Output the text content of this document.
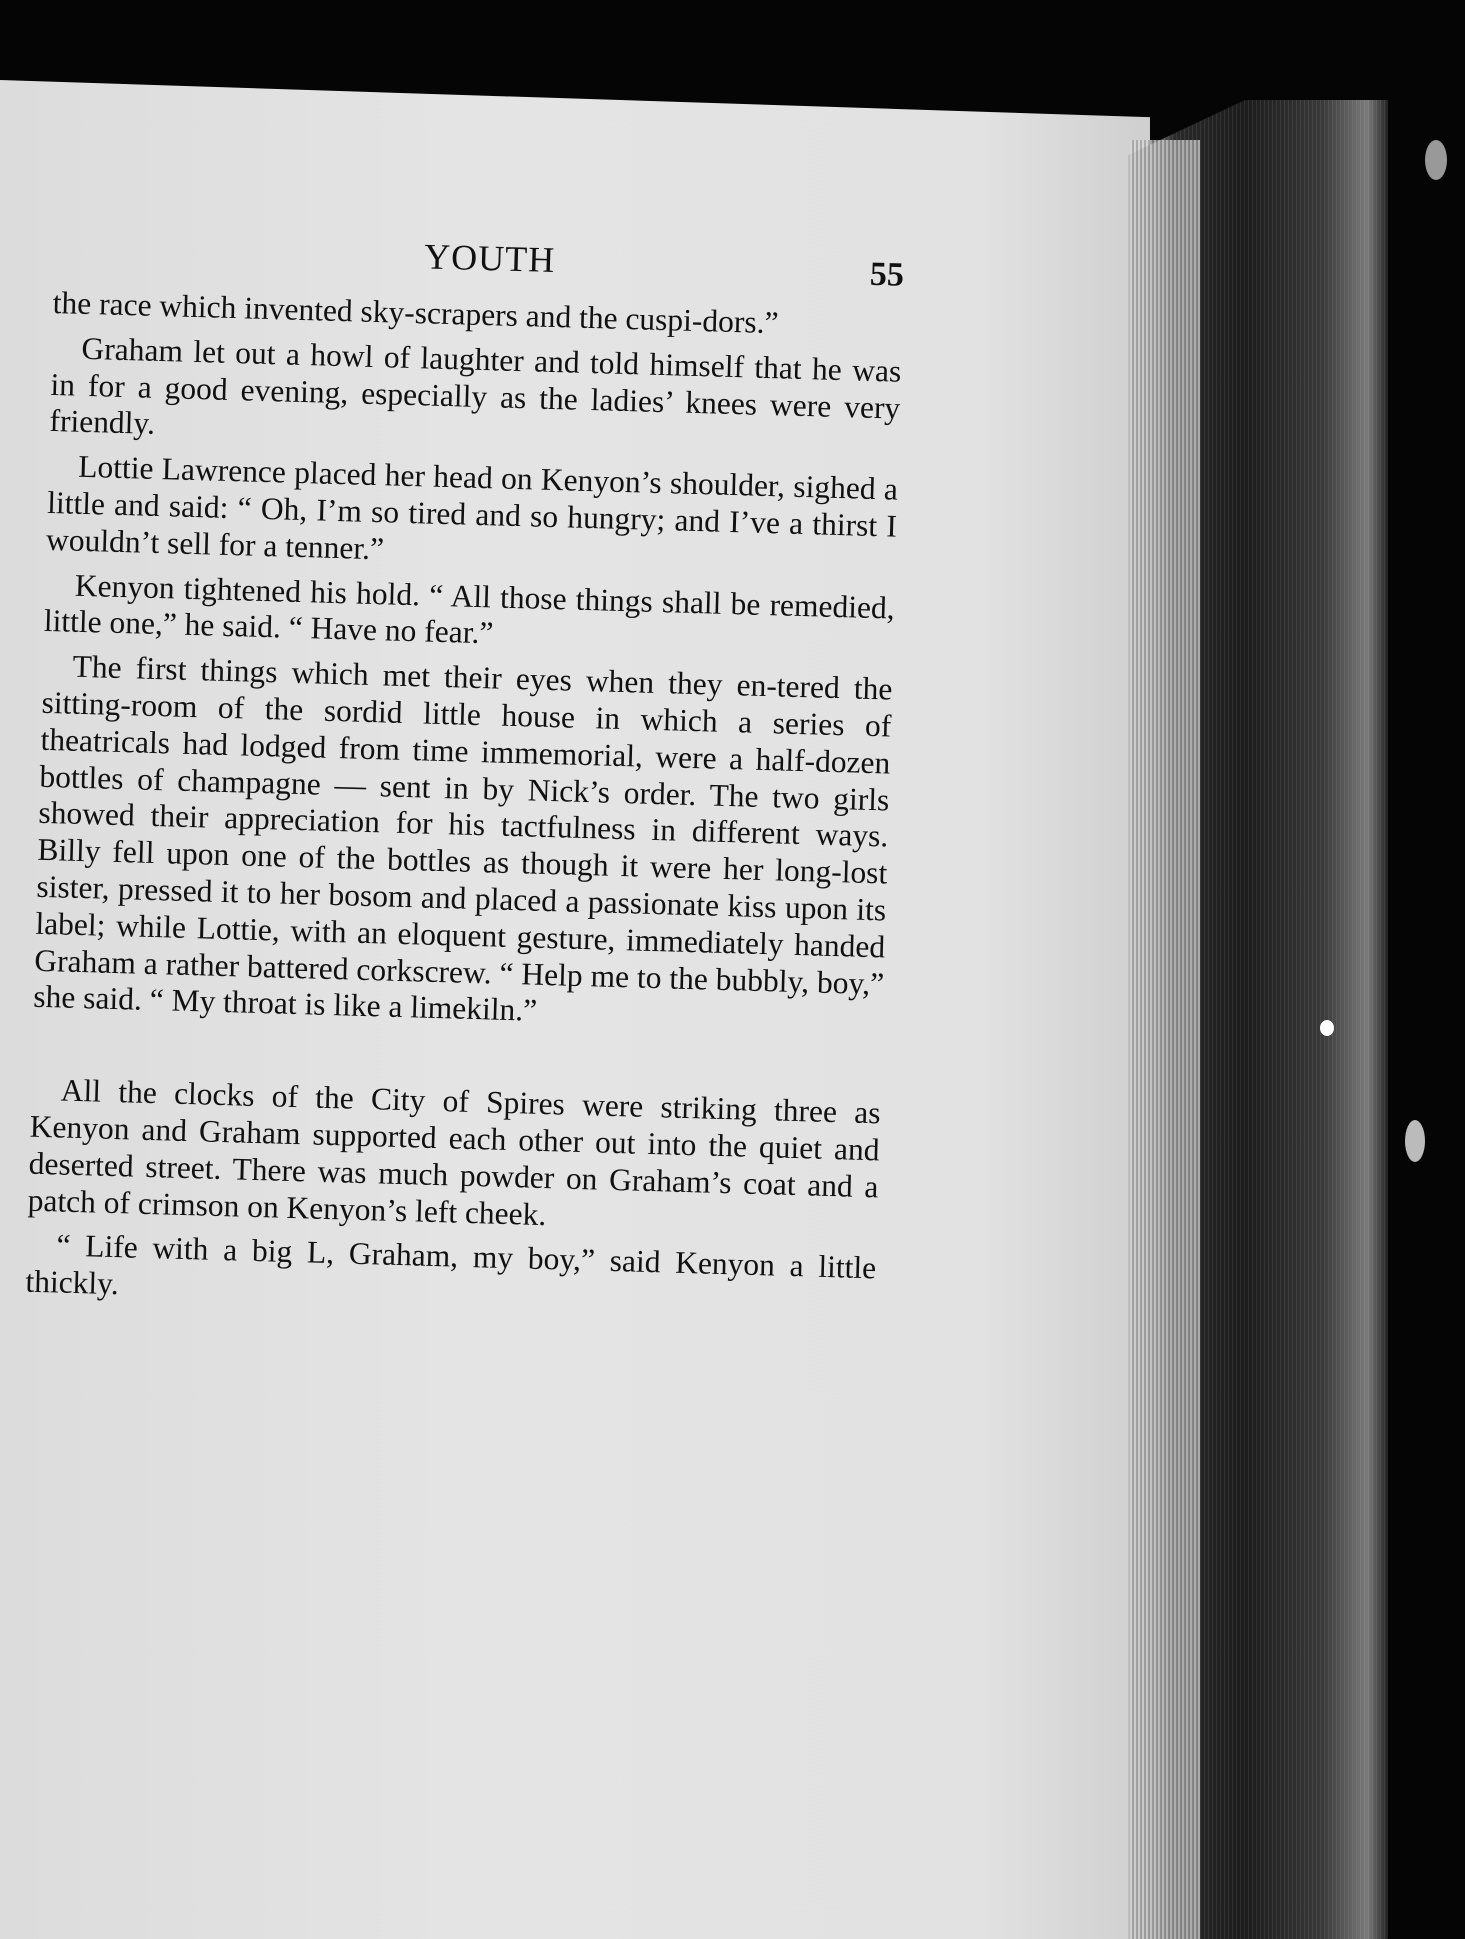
YOUTH	55

the race which invented sky-scrapers and the cuspi-dors.”

Graham let out a howl of laughter and told himself that he was in for a good evening, especially as the ladies’ knees were very friendly.

Lottie Lawrence placed her head on Kenyon’s shoulder, sighed a little and said: “ Oh, I’m so tired and so hungry; and I’ve a thirst I wouldn’t sell for a tenner.”

Kenyon tightened his hold. “ All those things shall be remedied, little one,” he said. “ Have no fear.”

The first things which met their eyes when they en-tered the sitting-room of the sordid little house in which a series of theatricals had lodged from time immemorial, were a half-dozen bottles of champagne — sent in by Nick’s order. The two girls showed their appreciation for his tactfulness in different ways. Billy fell upon one of the bottles as though it were her long-lost sister, pressed it to her bosom and placed a passionate kiss upon its label; while Lottie, with an eloquent gesture, immediately handed Graham a rather battered corkscrew. “ Help me to the bubbly, boy,” she said. “ My throat is like a limekiln.”

All the clocks of the City of Spires were striking three as Kenyon and Graham supported each other out into the quiet and deserted street. There was much powder on Graham’s coat and a patch of crimson on Kenyon’s left cheek.

“ Life with a big L, Graham, my boy,” said Kenyon a little thickly.
